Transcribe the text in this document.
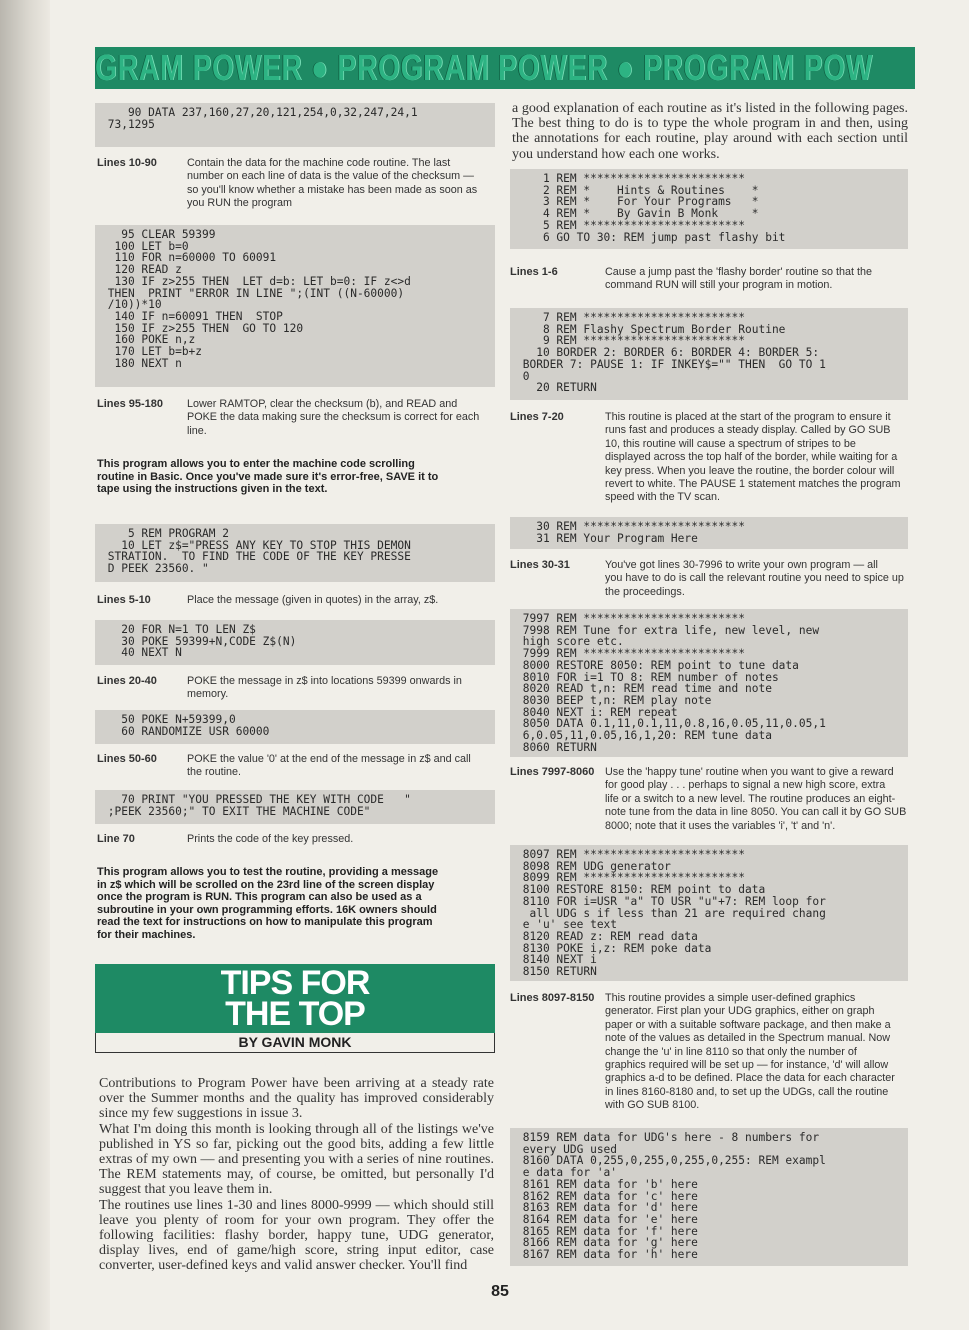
GRAM POWER ● PROGRAM POWER ● PROGRAM POW
90 DATA 237,160,27,20,121,254,0,32,247,24,1
73,1295
Lines 10-90	Contain the data for the machine code routine. The last
number on each line of data is the value of the checksum —
so you'll know whether a mistake has been made as soon as
you RUN the program
95 CLEAR 59399
100 LET b=0
110 FOR n=60000 TO 60091
120 READ z
130 IF z>255 THEN  LET d=b: LET b=0: IF z<>d
THEN  PRINT "ERROR IN LINE ";(INT ((N-60000)
/10))*10
140 IF n=60091 THEN  STOP
150 IF z>255 THEN  GO TO 120
160 POKE n,z
170 LET b=b+z
180 NEXT n
Lines 95-180 Lower RAMTOP, clear the checksum (b), and READ and
POKE the data making sure the checksum is correct for each
line.
This program allows you to enter the machine code scrolling
routine in Basic. Once you've made sure it's error-free, SAVE it to
tape using the instructions given in the text.
5 REM PROGRAM 2
10 LET z$="PRESS ANY KEY TO STOP THIS DEMON
STRATION.  TO FIND THE CODE OF THE KEY PRESSE
D PEEK 23560. "
Lines 5-10	Place the message (given in quotes) in the array, z$.
20 FOR N=1 TO LEN Z$
30 POKE 59399+N,CODE Z$(N)
40 NEXT N
Lines 20-40	POKE the message in z$ into locations 59399 onwards in
memory.
50 POKE N+59399,0
60 RANDOMIZE USR 60000
Lines 50-60	POKE the value '0' at the end of the message in z$ and call
the routine.
70 PRINT "YOU PRESSED THE KEY WITH CODE   "
;PEEK 23560;" TO EXIT THE MACHINE CODE"
Line 70	Prints the code of the key pressed.
This program allows you to test the routine, providing a message
in z$ which will be scrolled on the 23rd line of the screen display
once the program is RUN. This program can also be used as a
subroutine in your own programming efforts. 16K owners should
read the text for instructions on how to manipulate this program
for their machines.
TIPS FOR
THE TOP
BY GAVIN MONK
Contributions to Program Power have been arriving at a steady rate over the Summer months and the quality has improved considerably since my few suggestions in issue 3.
What I'm doing this month is looking through all of the listings we've published in YS so far, picking out the good bits, adding a few little extras of my own — and presenting you with a series of nine routines. The REM statements may, of course, be omitted, but personally I'd suggest that you leave them in.
The routines use lines 1-30 and lines 8000-9999 — which should still leave you plenty of room for your own program. They offer the following facilities: flashy border, happy tune, UDG generator, display lives, end of game/high score, string input editor, case converter, user-defined keys and valid answer checker. You'll find
a good explanation of each routine as it's listed in the following pages. The best thing to do is to type the whole program in and then, using the annotations for each routine, play around with each section until you understand how each one works.
1 REM ************************
2 REM *    Hints & Routines    *
3 REM *    For Your Programs   *
4 REM *    By Gavin B Monk     *
5 REM ************************
6 GO TO 30: REM jump past flashy bit
Lines 1-6	Cause a jump past the 'flashy border' routine so that the
command RUN will still your program in motion.
7 REM ************************
8 REM Flashy Spectrum Border Routine
9 REM ************************
10 BORDER 2: BORDER 6: BORDER 4: BORDER 5:
BORDER 7: PAUSE 1: IF INKEY$="" THEN  GO TO 1
0
20 RETURN
Lines 7-20	This routine is placed at the start of the program to ensure it
runs fast and produces a steady display. Called by GO SUB
10, this routine will cause a spectrum of stripes to be
displayed across the top half of the border, while waiting for a
key press. When you leave the routine, the border colour will
revert to white. The PAUSE 1 statement matches the program
speed with the TV scan.
30 REM ************************
31 REM Your Program Here
Lines 30-31	You've got lines 30-7996 to write your own program — all
you have to do is call the relevant routine you need to spice up
the proceedings.
7997 REM ************************
7998 REM Tune for extra life, new level, new
high score etc.
7999 REM ************************
8000 RESTORE 8050: REM point to tune data
8010 FOR i=1 TO 8: REM number of notes
8020 READ t,n: REM read time and note
8030 BEEP t,n: REM play note
8040 NEXT i: REM repeat
8050 DATA 0.1,11,0.1,11,0.8,16,0.05,11,0.05,1
6,0.05,11,0.05,16,1,20: REM tune data
8060 RETURN
Lines 7997-8060 Use the 'happy tune' routine when you want to give a reward
for good play . . . perhaps to signal a new high score, extra
life or a switch to a new level. The routine produces an eight-
note tune from the data in line 8050. You can call it by GO SUB
8000; note that it uses the variables 'i', 't' and 'n'.
8097 REM ************************
8098 REM UDG generator
8099 REM ************************
8100 RESTORE 8150: REM point to data
8110 FOR i=USR "a" TO USR "u"+7: REM loop for
all UDG s if less than 21 are required chang
e 'u' see text
8120 READ z: REM read data
8130 POKE i,z: REM poke data
8140 NEXT i
8150 RETURN
Lines 8097-8150 This routine provides a simple user-defined graphics
generator. First plan your UDG graphics, either on graph
paper or with a suitable software package, and then make a
note of the values as detailed in the Spectrum manual. Now
change the 'u' in line 8110 so that only the number of
graphics required will be set up — for instance, 'd' will allow
graphics a-d to be defined. Place the data for each character
in lines 8160-8180 and, to set up the UDGs, call the routine
with GO SUB 8100.
8159 REM data for UDG's here - 8 numbers for
every UDG used
8160 DATA 0,255,0,255,0,255,0,255: REM exampl
e data for 'a'
8161 REM data for 'b' here
8162 REM data for 'c' here
8163 REM data for 'd' here
8164 REM data for 'e' here
8165 REM data for 'f' here
8166 REM data for 'g' here
8167 REM data for 'h' here
85
